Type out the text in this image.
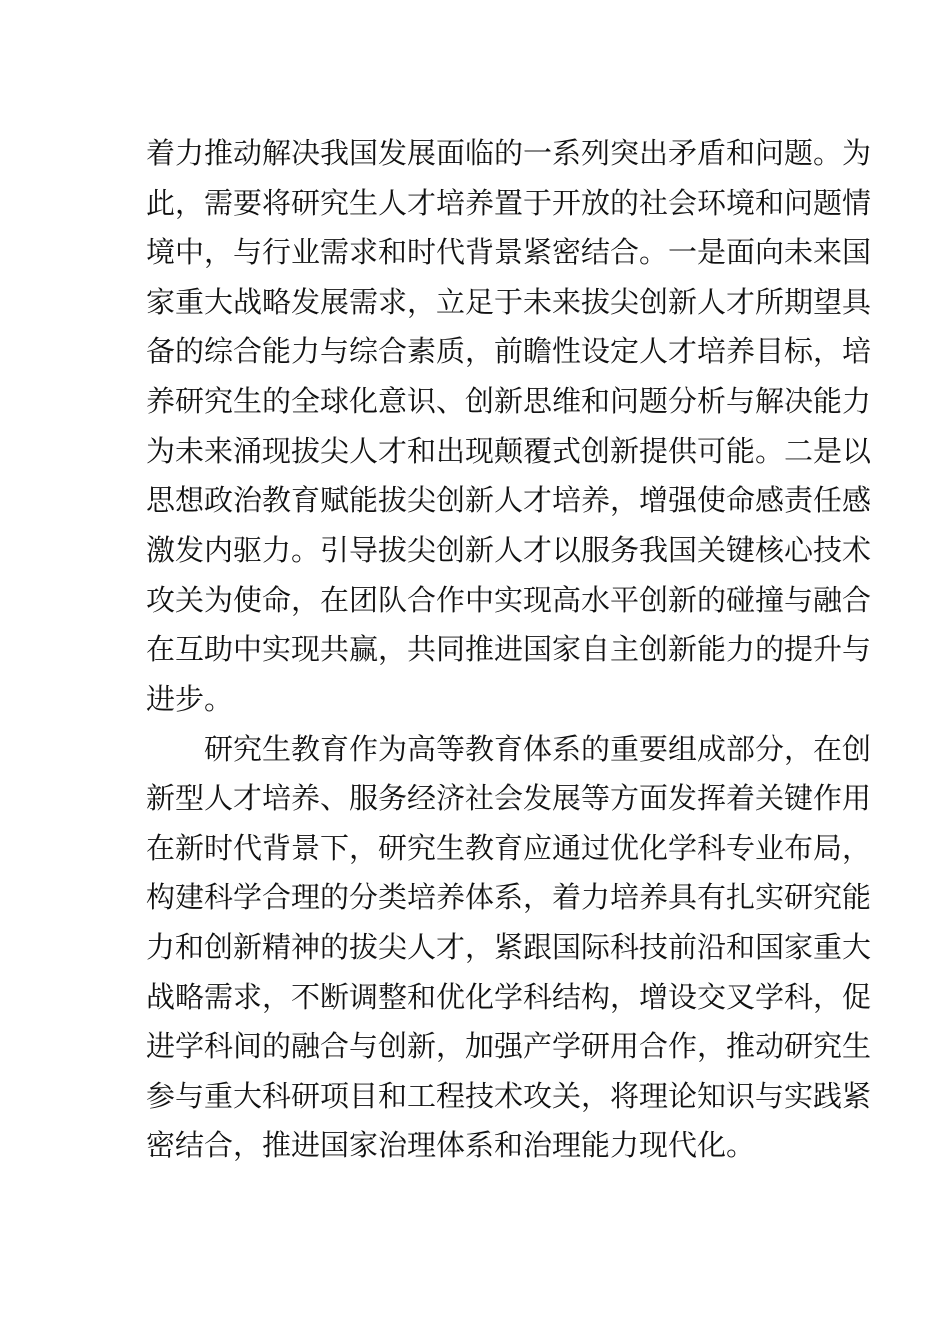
着力推动解决我国发展面临的一系列突出矛盾和问题。为
此，需要将研究生人才培养置于开放的社会环境和问题情
境中，与行业需求和时代背景紧密结合。一是面向未来国
家重大战略发展需求，立足于未来拔尖创新人才所期望具
备的综合能力与综合素质，前瞻性设定人才培养目标，培
养研究生的全球化意识、创新思维和问题分析与解决能力
为未来涌现拔尖人才和出现颠覆式创新提供可能。二是以
思想政治教育赋能拔尖创新人才培养，增强使命感责任感
激发内驱力。引导拔尖创新人才以服务我国关键核心技术
攻关为使命，在团队合作中实现高水平创新的碰撞与融合
在互助中实现共赢，共同推进国家自主创新能力的提升与
进步。
研究生教育作为高等教育体系的重要组成部分，在创
新型人才培养、服务经济社会发展等方面发挥着关键作用
在新时代背景下，研究生教育应通过优化学科专业布局，
构建科学合理的分类培养体系，着力培养具有扎实研究能
力和创新精神的拔尖人才，紧跟国际科技前沿和国家重大
战略需求，不断调整和优化学科结构，增设交叉学科，促
进学科间的融合与创新，加强产学研用合作，推动研究生
参与重大科研项目和工程技术攻关，将理论知识与实践紧
密结合，推进国家治理体系和治理能力现代化。
